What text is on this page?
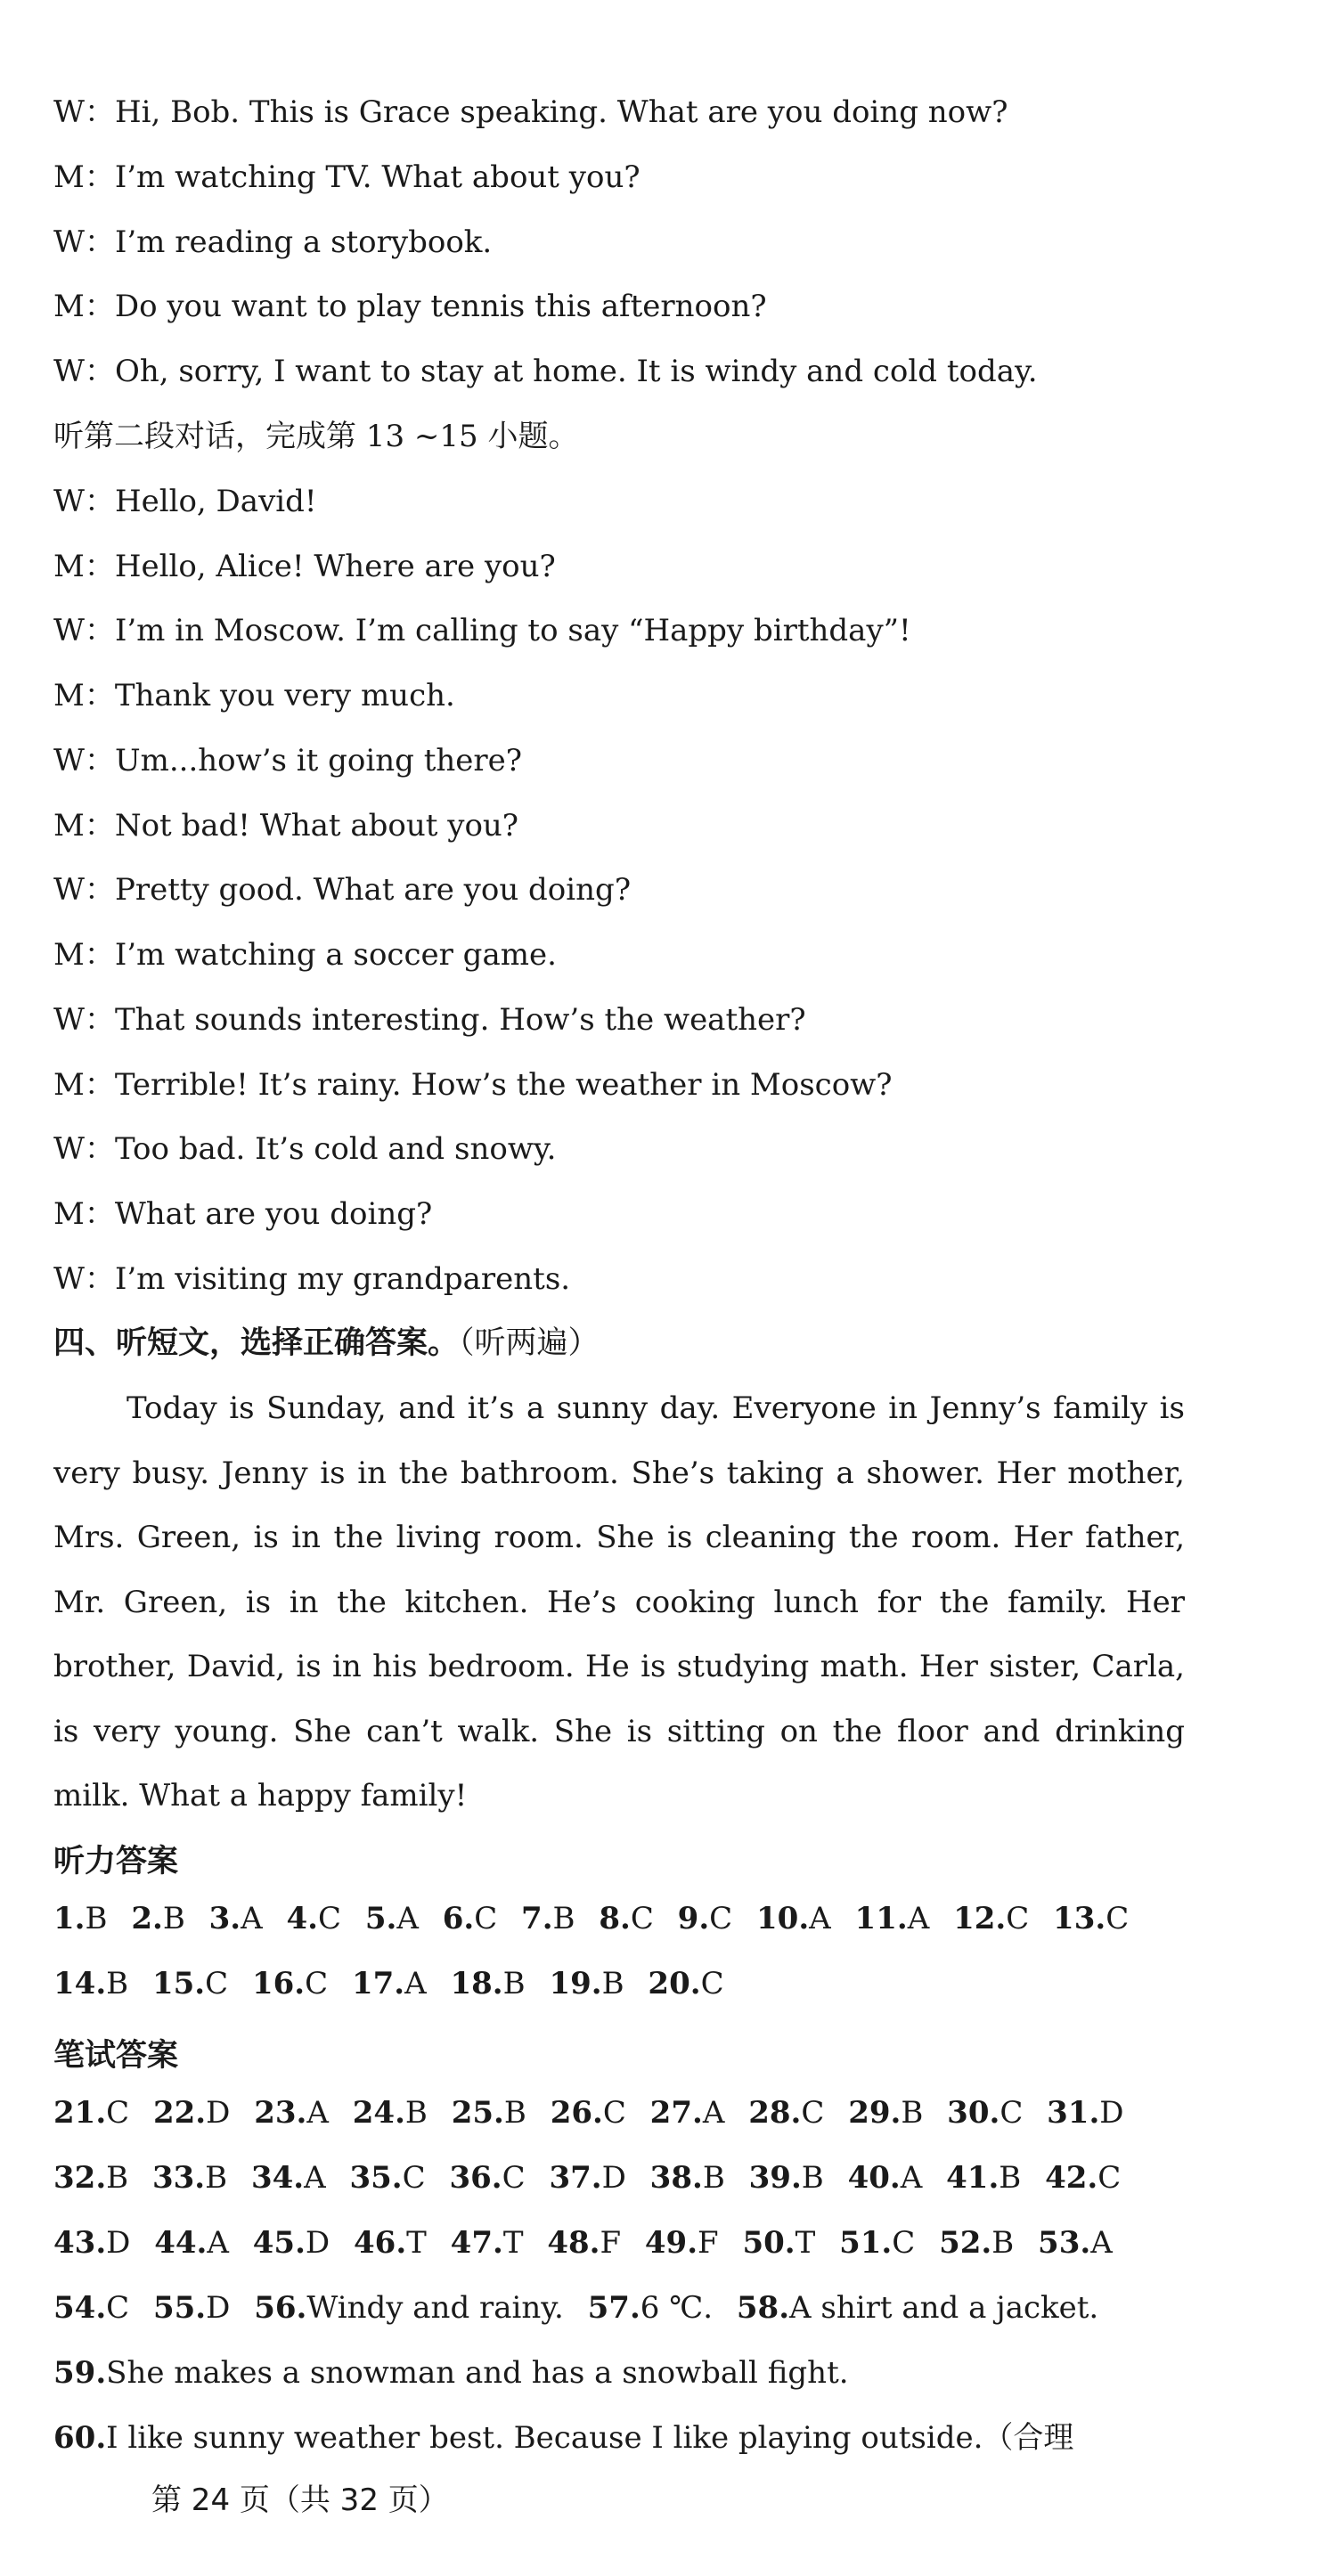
W：Hi, Bob. This is Grace speaking. What are you doing now?
M：I’m watching TV. What about you?
W：I’m reading a storybook.
M：Do you want to play tennis this afternoon?
W：Oh, sorry, I want to stay at home. It is windy and cold today.
听第二段对话，完成第 13 ~15 小题。
W：Hello, David!
M：Hello, Alice! Where are you?
W：I’m in Moscow. I’m calling to say “Happy birthday”!
M：Thank you very much.
W：Um...how’s it going there?
M：Not bad! What about you?
W：Pretty good. What are you doing?
M：I’m watching a soccer game.
W：That sounds interesting. How’s the weather?
M：Terrible! It’s rainy. How’s the weather in Moscow?
W：Too bad. It’s cold and snowy.
M：What are you doing?
W：I’m visiting my grandparents.
四、听短文，选择正确答案。（听两遍）
Today is Sunday, and it’s a sunny day. Everyone in Jenny’s family is very busy. Jenny is in the bathroom. She’s taking a shower. Her mother, Mrs. Green, is in the living room. She is cleaning the room. Her father, Mr. Green, is in the kitchen. He’s cooking lunch for the family. Her brother, David, is in his bedroom. He is studying math. Her sister, Carla, is very young. She can’t walk. She is sitting on the floor and drinking milk. What a happy family!
听力答案
1.B 2.B 3.A 4.C 5.A 6.C 7.B 8.C 9.C 10.A 11.A 12.C 13.C 14.B 15.C 16.C 17.A 18.B 19.B 20.C
笔试答案
21.C 22.D 23.A 24.B 25.B 26.C 27.A 28.C 29.B 30.C 31.D 32.B 33.B 34.A 35.C 36.C 37.D 38.B 39.B 40.A 41.B 42.C 43.D 44.A 45.D 46.T 47.T 48.F 49.F 50.T 51.C 52.B 53.A 54.C 55.D 56.Windy and rainy. 57.6 ℃. 58.A shirt and a jacket. 59.She makes a snowman and has a snowball fight. 60.I like sunny weather best. Because I like playing outside.（合理
第 24 页（共 32 页）
